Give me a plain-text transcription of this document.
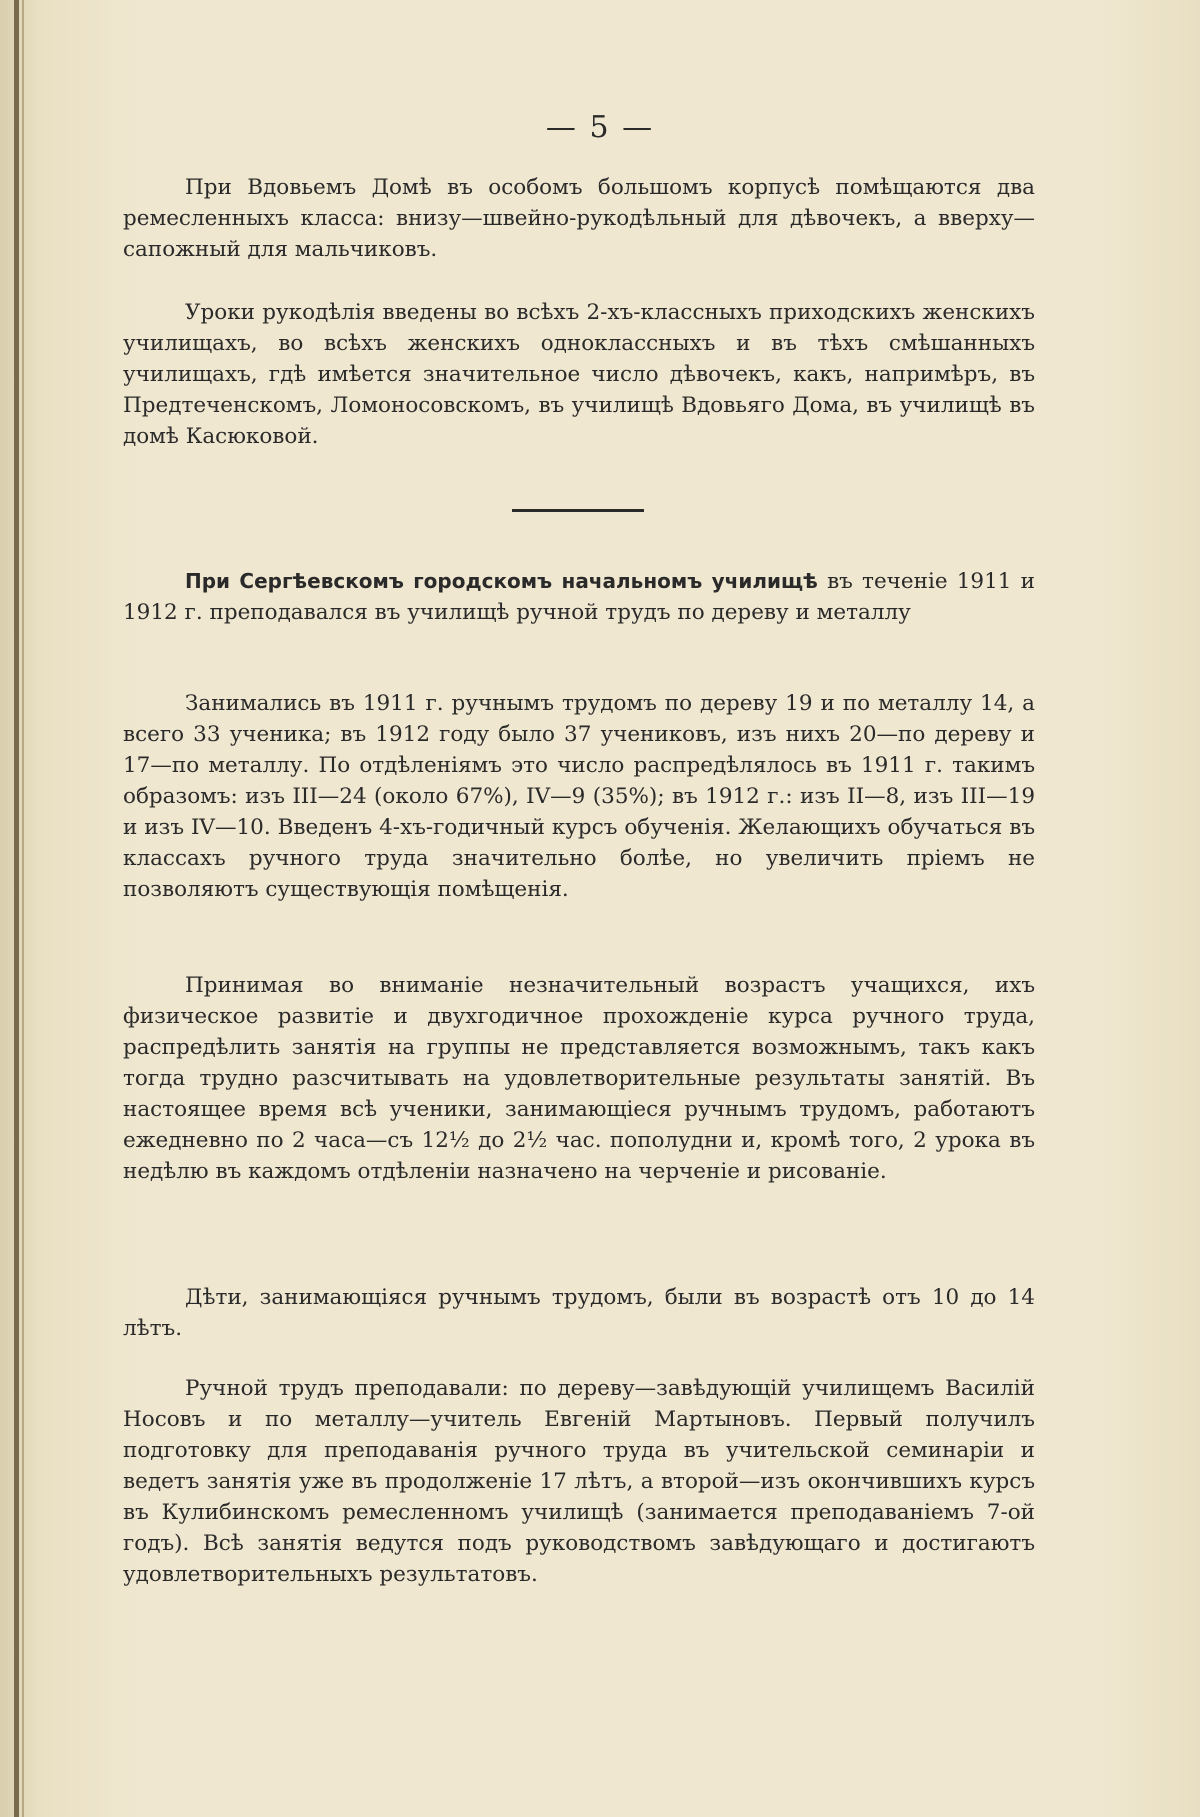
— 5 —

При Вдовьемъ Домѣ въ особомъ большомъ корпусѣ помѣщаются два ремесленныхъ класса: внизу—швейно-рукодѣльный для дѣвочекъ, а вверху—сапожный для мальчиковъ.

Уроки рукодѣлія введены во всѣхъ 2-хъ-классныхъ приходскихъ женскихъ училищахъ, во всѣхъ женскихъ одноклассныхъ и въ тѣхъ смѣшанныхъ училищахъ, гдѣ имѣется значительное число дѣвочекъ, какъ, напримѣръ, въ Предтеченскомъ, Ломоносовскомъ, въ училищѣ Вдовьяго Дома, въ училищѣ въ домѣ Касюковой.

При Сергѣевскомъ городскомъ начальномъ училищѣ въ теченіе 1911 и 1912 г. преподавался въ училищѣ ручной трудъ по дереву и металлу

Занимались въ 1911 г. ручнымъ трудомъ по дереву 19 и по металлу 14, а всего 33 ученика; въ 1912 году было 37 учениковъ, изъ нихъ 20—по дереву и 17—по металлу. По отдѣленіямъ это число распредѣлялось въ 1911 г. такимъ образомъ: изъ III—24 (около 67%), IV—9 (35%); въ 1912 г.: изъ II—8, изъ III—19 и изъ IV—10. Введенъ 4-хъ-годичный курсъ обученія. Желающихъ обучаться въ классахъ ручного труда значительно болѣе, но увеличить пріемъ не позволяютъ существующія помѣщенія.

Принимая во вниманіе незначительный возрастъ учащихся, ихъ физическое развитіе и двухгодичное прохожденіе курса ручного труда, распредѣлить занятія на группы не представляется возможнымъ, такъ какъ тогда трудно разсчитывать на удовлетворительные результаты занятій. Въ настоящее время всѣ ученики, занимающіеся ручнымъ трудомъ, работаютъ ежедневно по 2 часа—съ 12½ до 2½ час. пополудни и, кромѣ того, 2 урока въ недѣлю въ каждомъ отдѣленіи назначено на черченіе и рисованіе.

Дѣти, занимающіяся ручнымъ трудомъ, были въ возрастѣ отъ 10 до 14 лѣтъ.

Ручной трудъ преподавали: по дереву—завѣдующій училищемъ Василій Носовъ и по металлу—учитель Евгеній Мартыновъ. Первый получилъ подготовку для преподаванія ручного труда въ учительской семинаріи и ведетъ занятія уже въ продолженіе 17 лѣтъ, а второй—изъ окончившихъ курсъ въ Кулибинскомъ ремесленномъ училищѣ (занимается преподаваніемъ 7-ой годъ). Всѣ занятія ведутся подъ руководствомъ завѣдующаго и достигаютъ удовлетворительныхъ результатовъ.
